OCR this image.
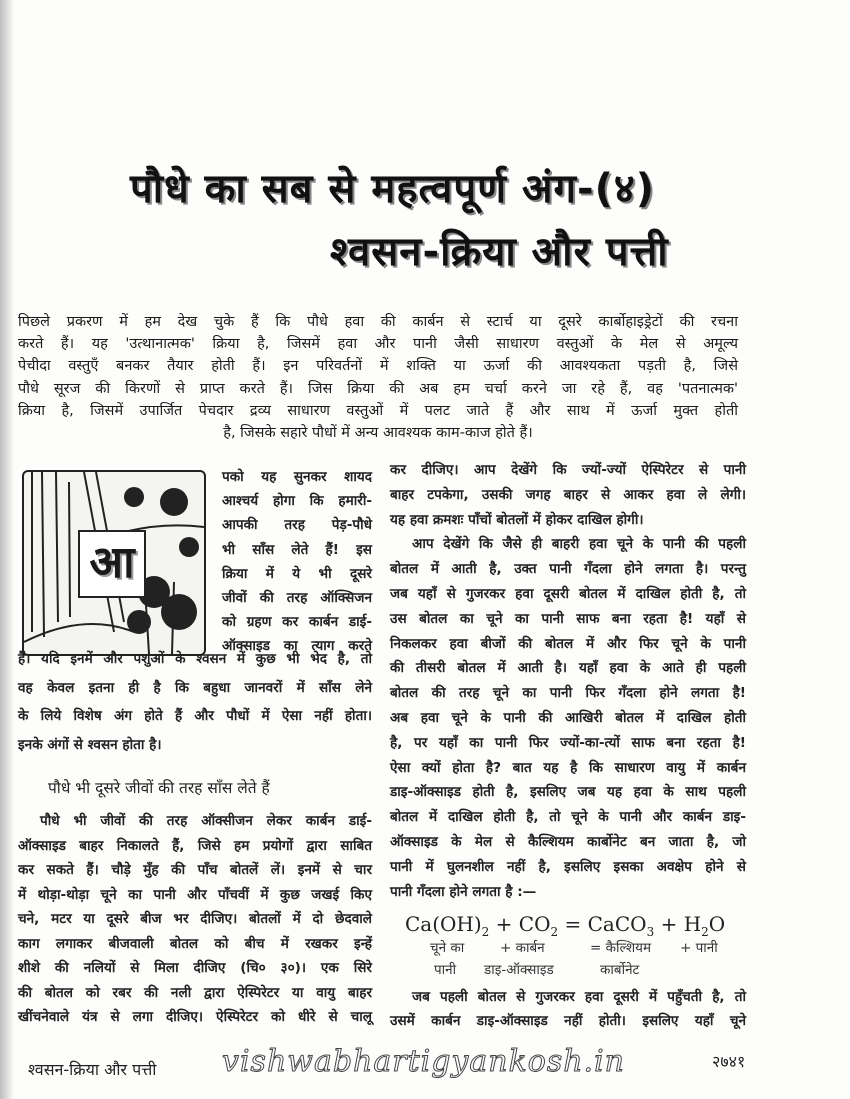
पौधे का सब से महत्वपूर्ण अंग-(४)
श्वसन-क्रिया और पत्ती
पिछले प्रकरण में हम देख चुके हैं कि पौधे हवा की कार्बन से स्टार्च या दूसरे कार्बोहाइड्रेटों की रचना
करते हैं। यह 'उत्थानात्मक' क्रिया है, जिसमें हवा और पानी जैसी साधारण वस्तुओं के मेल से अमूल्य
पेचीदा वस्तुएँ बनकर तैयार होती हैं। इन परिवर्तनों में शक्ति या ऊर्जा की आवश्यकता पड़ती है, जिसे
पौधे सूरज की किरणों से प्राप्त करते हैं। जिस क्रिया की अब हम चर्चा करने जा रहे हैं, वह 'पतनात्मक'
क्रिया है, जिसमें उपार्जित पेचदार द्रव्य साधारण वस्तुओं में पलट जाते हैं और साथ में ऊर्जा मुक्त होती
है, जिसके सहारे पौधों में अन्य आवश्यक काम-काज होते हैं।
आ
पको यह सुनकर शायद
आश्चर्य होगा कि हमारी-
आपकी तरह पेड़-पौधे
भी साँस लेते हैं! इस
क्रिया में ये भी दूसरे
जीवों की तरह ऑक्सिजन
को ग्रहण कर कार्बन डाई-
ऑक्साइड का त्याग करते
हैं। यदि इनमें और पशुओं के श्वसन में कुछ भी भेद है, तो
वह केवल इतना ही है कि बहुधा जानवरों में साँस लेने
के लिये विशेष अंग होते हैं और पौधों में ऐसा नहीं होता।
इनके अंगों से श्वसन होता है।
पौधे भी जीवों की तरह ऑक्सीजन लेकर कार्बन डाई-
ऑक्साइड बाहर निकालते हैं, जिसे हम प्रयोगों द्वारा साबित
कर सकते हैं। चौड़े मुँह की पाँच बोतलें लें। इनमें से चार
में थोड़ा-थोड़ा चूने का पानी और पाँचवीं में कुछ जखई किए
चने, मटर या दूसरे बीज भर दीजिए। बोतलों में दो छेदवाले
काग लगाकर बीजवाली बोतल को बीच में रखकर इन्हें
शीशे की नलियों से मिला दीजिए (चि० ३०)। एक सिरे
की बोतल को रबर की नली द्वारा ऐस्पिरेटर या वायु बाहर
खींचनेवाले यंत्र से लगा दीजिए। ऐस्पिरेटर को धीरे से चालू
पौधे भी दूसरे जीवों की तरह साँस लेते हैं
कर दीजिए। आप देखेंगे कि ज्यों-ज्यों ऐस्पिरेटर से पानी
बाहर टपकेगा, उसकी जगह बाहर से आकर हवा ले लेगी।
यह हवा क्रमशः पाँचों बोतलों में होकर दाखिल होगी।
आप देखेंगे कि जैसे ही बाहरी हवा चूने के पानी की पहली
बोतल में आती है, उक्त पानी गँदला होने लगता है। परन्तु
जब यहाँ से गुजरकर हवा दूसरी बोतल में दाखिल होती है, तो
उस बोतल का चूने का पानी साफ बना रहता है! यहाँ से
निकलकर हवा बीजों की बोतल में और फिर चूने के पानी
की तीसरी बोतल में आती है। यहाँ हवा के आते ही पहली
बोतल की तरह चूने का पानी फिर गँदला होने लगता है!
अब हवा चूने के पानी की आखिरी बोतल में दाखिल होती
है, पर यहाँ का पानी फिर ज्यों-का-त्यों साफ बना रहता है!
ऐसा क्यों होता है? बात यह है कि साधारण वायु में कार्बन
डाइ-ऑक्साइड होती है, इसलिए जब यह हवा के साथ पहली
बोतल में दाखिल होती है, तो चूने के पानी और कार्बन डाइ-
ऑक्साइड के मेल से कैल्शियम कार्बोनेट बन जाता है, जो
पानी में घुलनशील नहीं है, इसलिए इसका अवक्षेप होने से
पानी गँदला होने लगता है :—
$Ca(OH)_2 + CO_2$ = CaCO$_3$ + $H_2O$
चूने का	+ कार्बन	= कैल्शियम + पानी
पानी डाइ-ऑक्साइड	कार्बोनेट
जब पहली बोतल से गुजरकर हवा दूसरी में पहुँचती है, तो
उसमें कार्बन डाइ-ऑक्साइड नहीं होती। इसलिए यहाँ चूने
vishwabhartigyankosh.in
श्वसन-क्रिया और पत्ती	२७४१
